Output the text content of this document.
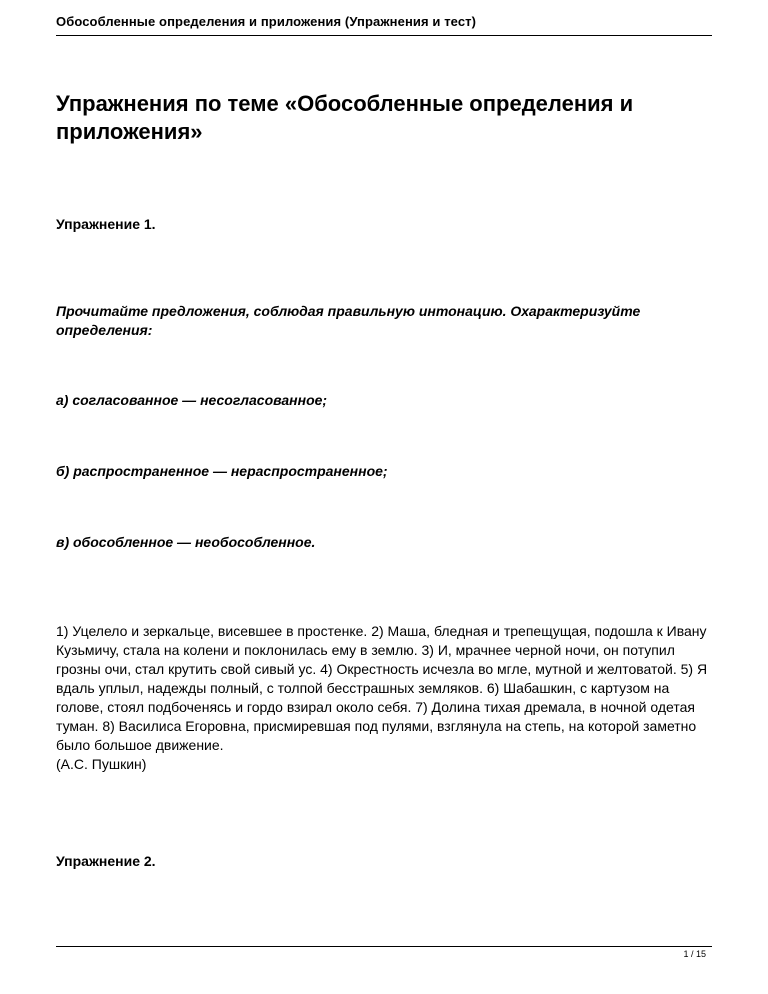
Обособленные определения и приложения (Упражнения и тест)
Упражнения по теме «Обособленные определения и приложения»

Упражнение 1.

Прочитайте предложения, соблюдая правильную интонацию. Охарактеризуйте определения:

а) согласованное — несогласованное;

б) распространенное — нераспространенное;

в) обособленное — необособленное.

1) Уцелело и зеркальце, висевшее в простенке. 2) Маша, бледная и трепещущая, подошла к Ивану Кузьмичу, стала на колени и поклонилась ему в землю. 3) И, мрачнее черной ночи, он потупил грозны очи, стал крутить свой сивый ус. 4) Окрестность исчезла во мгле, мутной и желтоватой. 5) Я вдаль уплыл, надежды полный, с толпой бесстрашных земляков. 6) Шабашкин, с картузом на голове, стоял подбоченясь и гордо взирал около себя. 7) Долина тихая дремала, в ночной одетая туман. 8) Василиса Егоровна, присмиревшая под пулями, взглянула на степь, на которой заметно было большое движение.
(А.С. Пушкин)

Упражнение 2.

1 / 15
